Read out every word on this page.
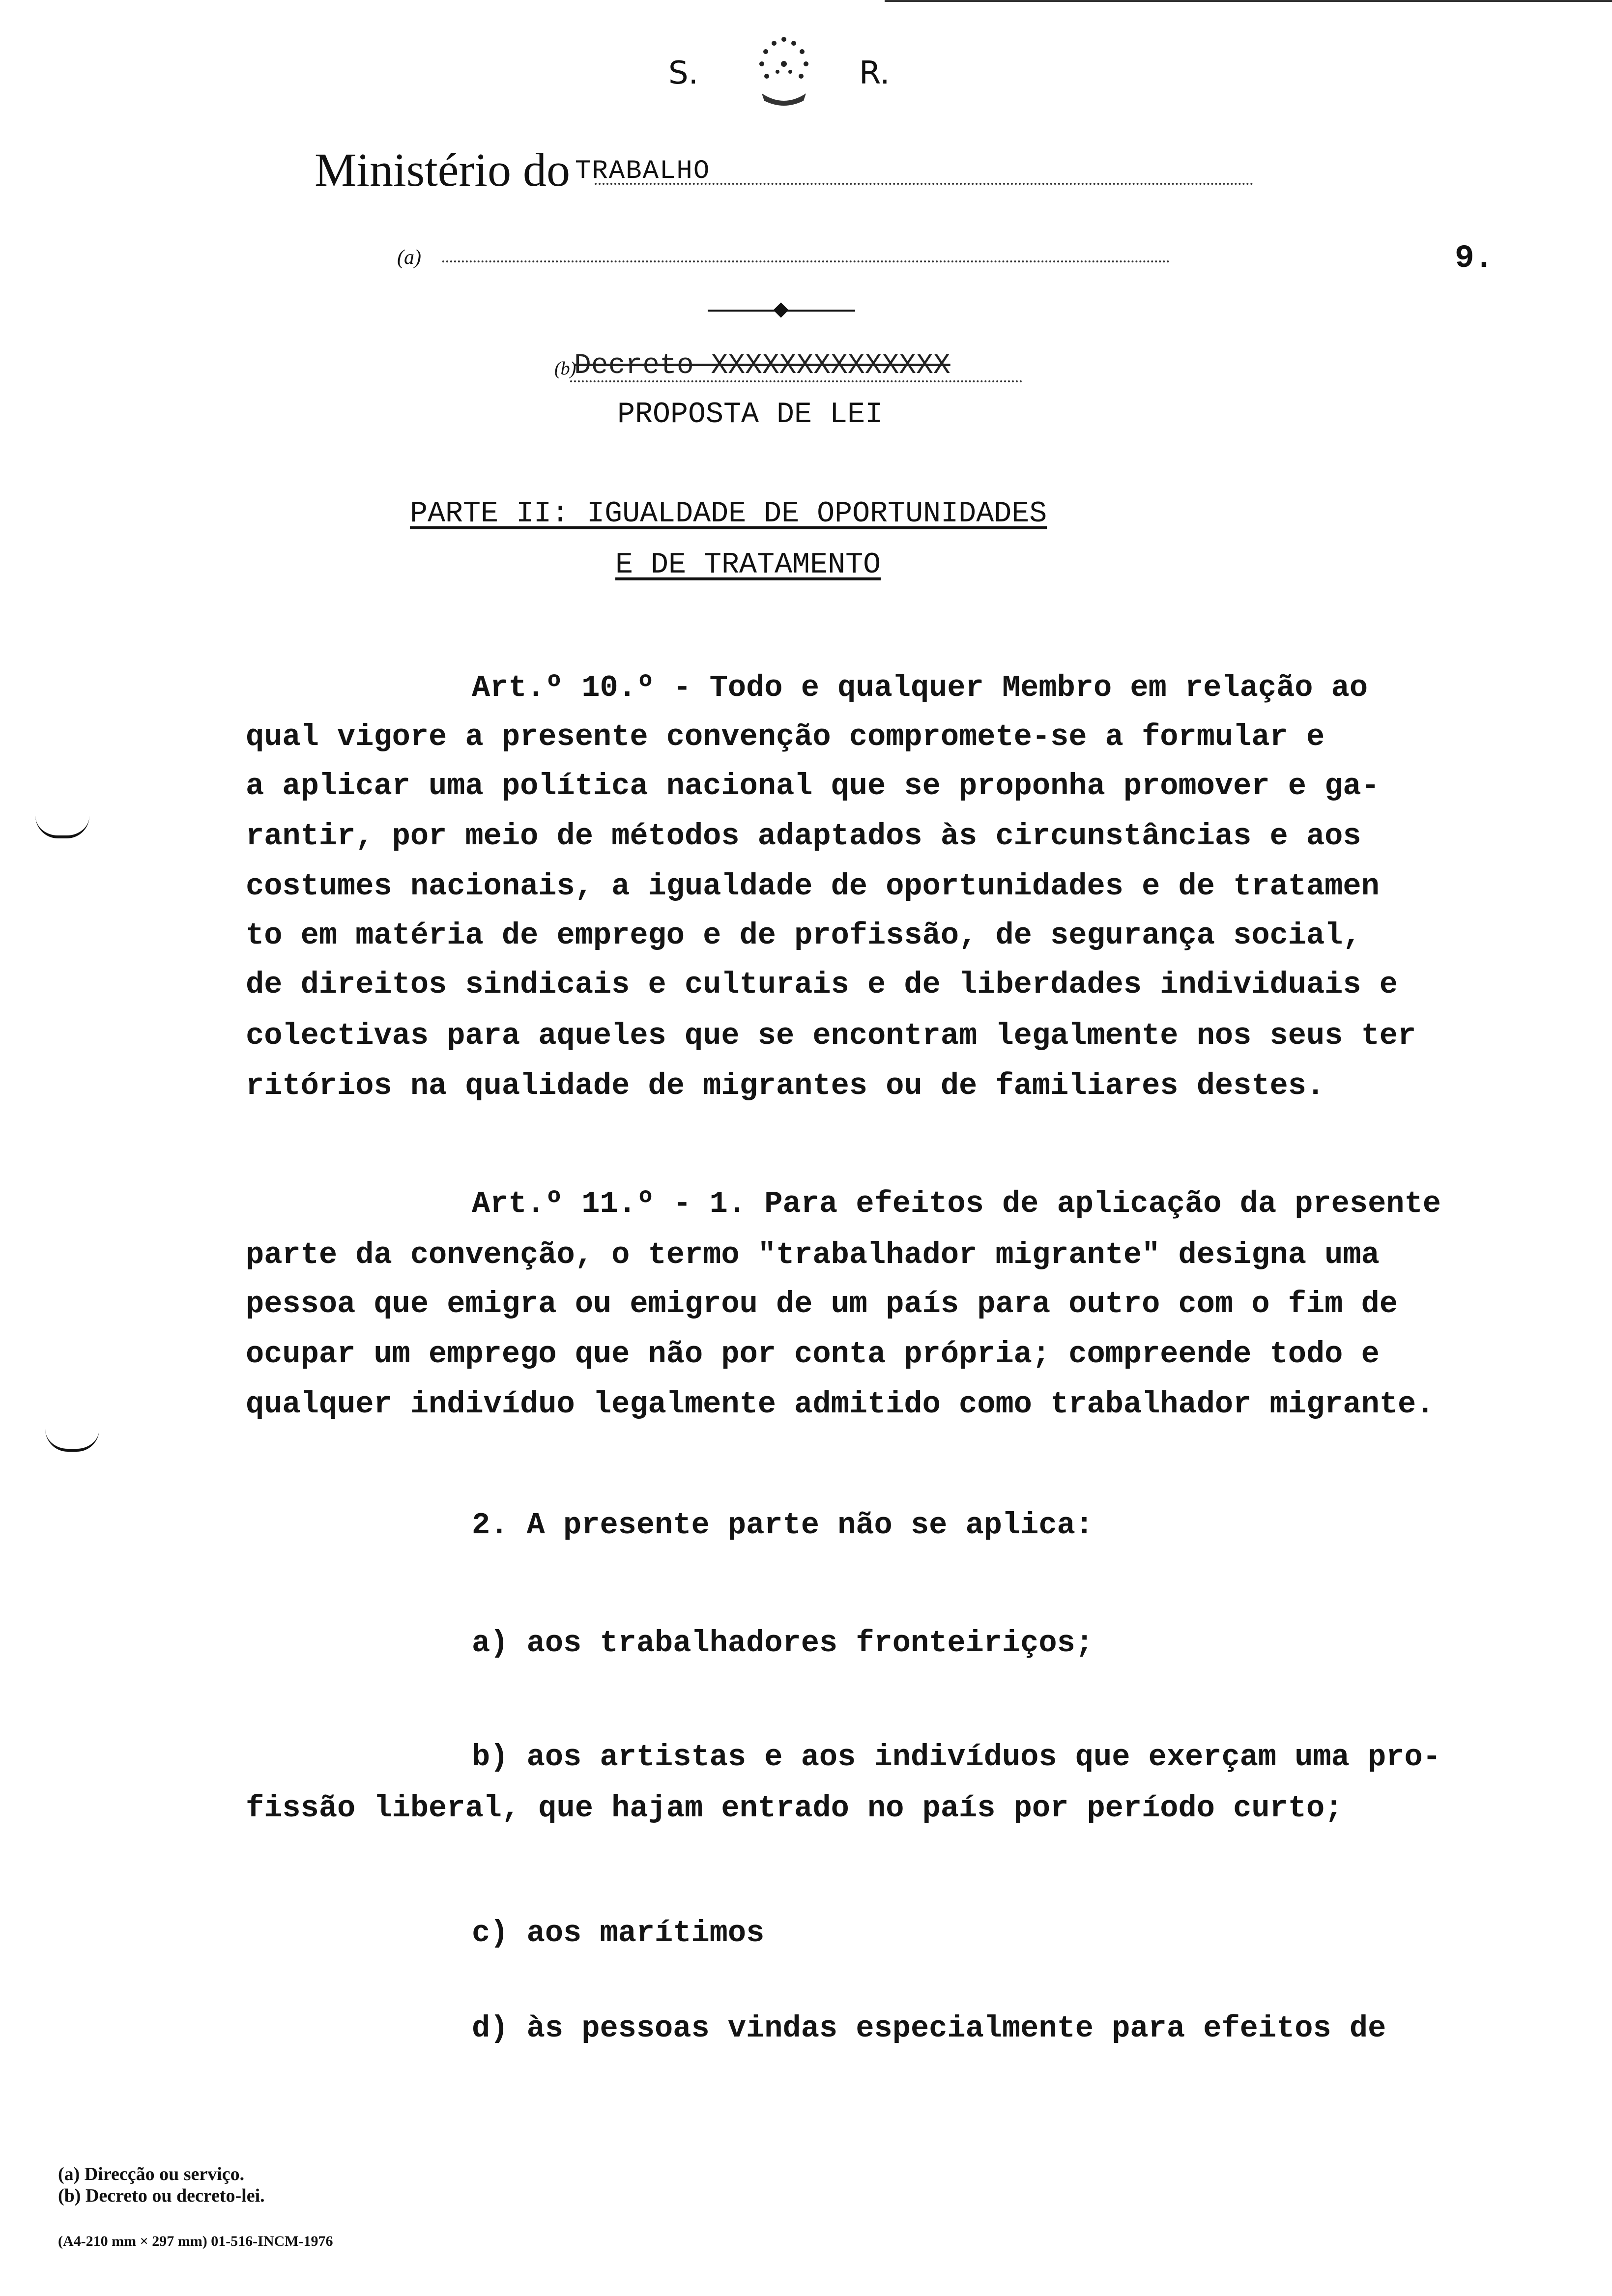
S.	R.
Ministério do TRABALHO
(a)	9.
(b)
Decreto XXXXXXXXXXXXXX
PROPOSTA DE LEI
PARTE II: IGUALDADE DE OPORTUNIDADES
E DE TRATAMENTO
Art.º 10.º - Todo e qualquer Membro em relação ao
qual vigore a presente convenção compromete-se a formular e
a aplicar uma política nacional que se proponha promover e ga-
rantir, por meio de métodos adaptados às circunstâncias e aos
costumes nacionais, a igualdade de oportunidades e de tratamen
to em matéria de emprego e de profissão, de segurança social,
de direitos sindicais e culturais e de liberdades individuais e
colectivas para aqueles que se encontram legalmente nos seus ter
ritórios na qualidade de migrantes ou de familiares destes.
Art.º 11.º - 1. Para efeitos de aplicação da presente
parte da convenção, o termo "trabalhador migrante" designa uma
pessoa que emigra ou emigrou de um país para outro com o fim de
ocupar um emprego que não por conta própria; compreende todo e
qualquer indivíduo legalmente admitido como trabalhador migrante.
2. A presente parte não se aplica:
a) aos trabalhadores fronteiriços;
b) aos artistas e aos indivíduos que exerçam uma pro-
fissão liberal, que hajam entrado no país por período curto;
c) aos marítimos
d) às pessoas vindas especialmente para efeitos de
(a) Direcção ou serviço.
(b) Decreto ou decreto-lei.
(A4-210 mm × 297 mm) 01-516-INCM-1976
